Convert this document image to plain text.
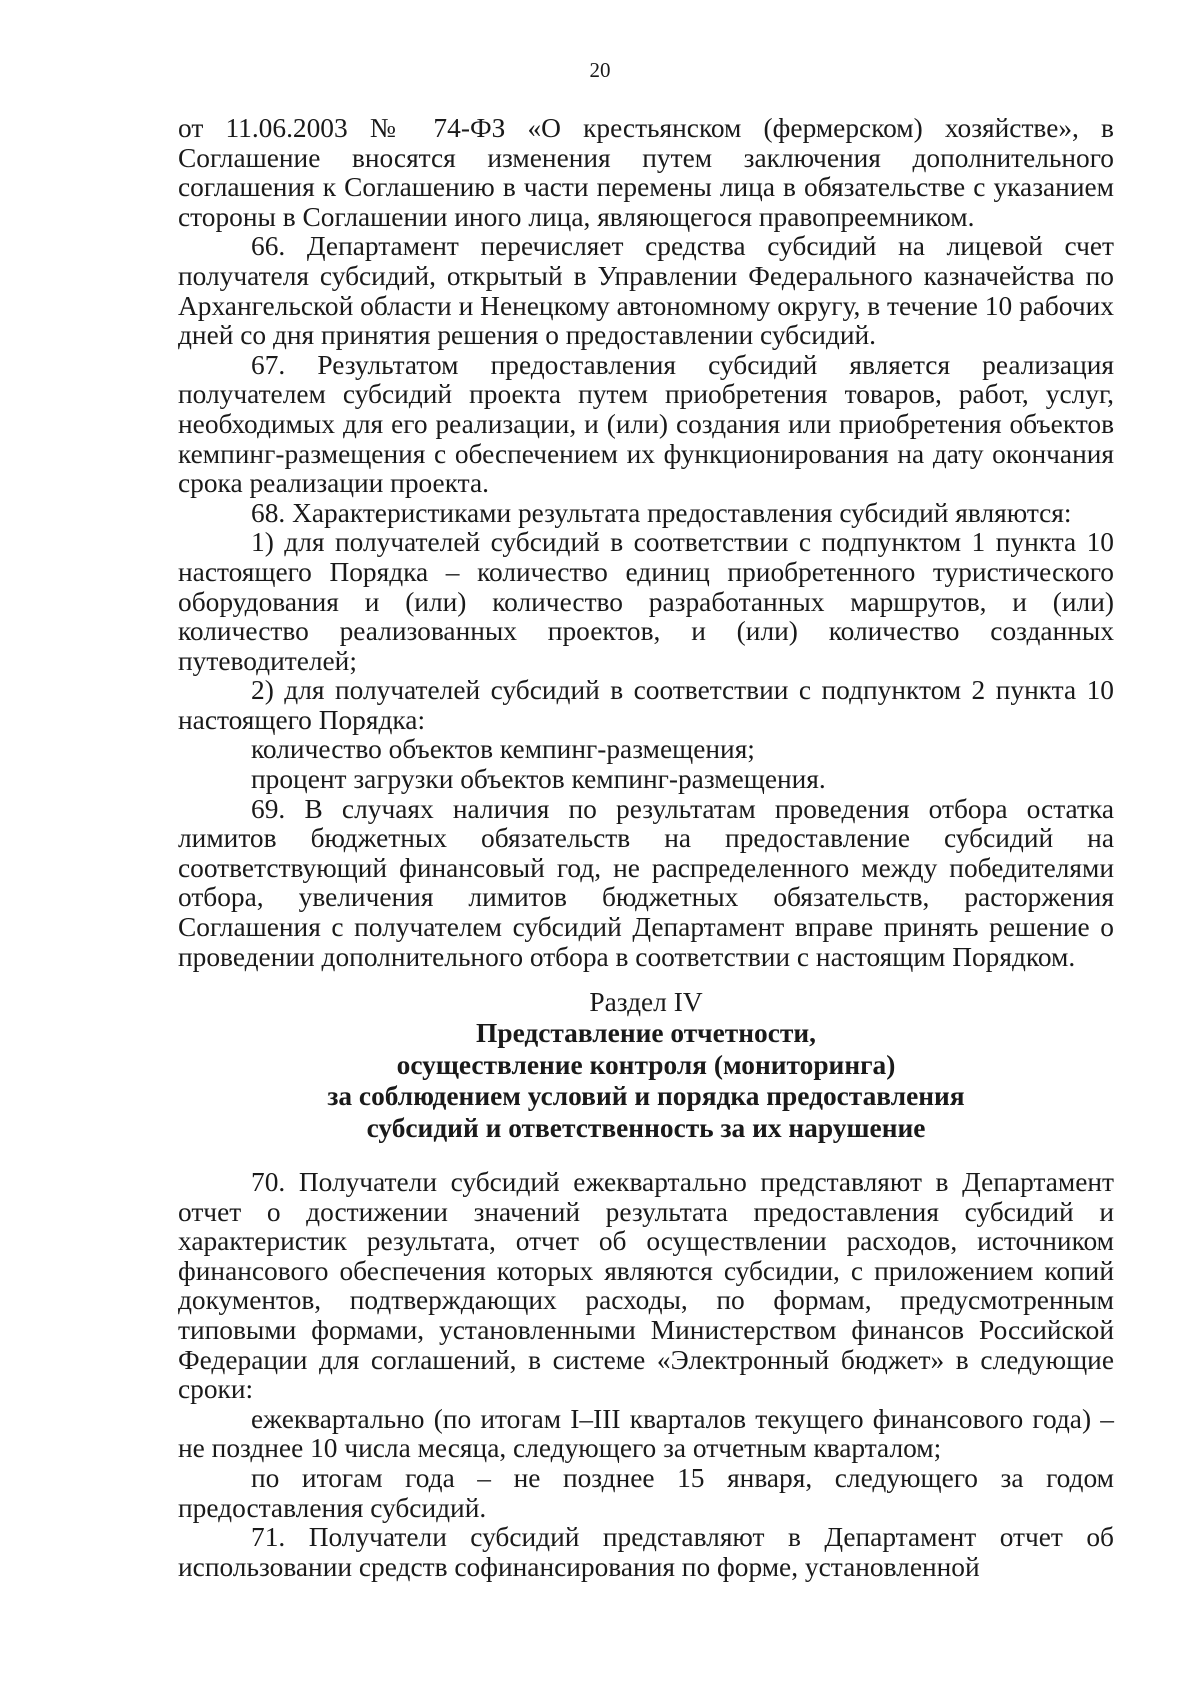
20

от 11.06.2003 № 74-ФЗ «О крестьянском (фермерском) хозяйстве», в Соглашение вносятся изменения путем заключения дополнительного соглашения к Соглашению в части перемены лица в обязательстве с указанием стороны в Соглашении иного лица, являющегося правопреемником.

66. Департамент перечисляет средства субсидий на лицевой счет получателя субсидий, открытый в Управлении Федерального казначейства по Архангельской области и Ненецкому автономному округу, в течение 10 рабочих дней со дня принятия решения о предоставлении субсидий.

67. Результатом предоставления субсидий является реализация получателем субсидий проекта путем приобретения товаров, работ, услуг, необходимых для его реализации, и (или) создания или приобретения объектов кемпинг-размещения с обеспечением их функционирования на дату окончания срока реализации проекта.

68. Характеристиками результата предоставления субсидий являются:

1) для получателей субсидий в соответствии с подпунктом 1 пункта 10 настоящего Порядка – количество единиц приобретенного туристического оборудования и (или) количество разработанных маршрутов, и (или) количество реализованных проектов, и (или) количество созданных путеводителей;

2) для получателей субсидий в соответствии с подпунктом 2 пункта 10 настоящего Порядка:

количество объектов кемпинг-размещения;

процент загрузки объектов кемпинг-размещения.

69. В случаях наличия по результатам проведения отбора остатка лимитов бюджетных обязательств на предоставление субсидий на соответствующий финансовый год, не распределенного между победителями отбора, увеличения лимитов бюджетных обязательств, расторжения Соглашения с получателем субсидий Департамент вправе принять решение о проведении дополнительного отбора в соответствии с настоящим Порядком.

Раздел IV

Представление отчетности,

осуществление контроля (мониторинга)

за соблюдением условий и порядка предоставления

субсидий и ответственность за их нарушение

70. Получатели субсидий ежеквартально представляют в Департамент отчет о достижении значений результата предоставления субсидий и характеристик результата, отчет об осуществлении расходов, источником финансового обеспечения которых являются субсидии, с приложением копий документов, подтверждающих расходы, по формам, предусмотренным типовыми формами, установленными Министерством финансов Российской Федерации для соглашений, в системе «Электронный бюджет» в следующие сроки:

ежеквартально (по итогам I–III кварталов текущего финансового года) – не позднее 10 числа месяца, следующего за отчетным кварталом;

по итогам года – не позднее 15 января, следующего за годом предоставления субсидий.

71. Получатели субсидий представляют в Департамент отчет об использовании средств софинансирования по форме, установленной
